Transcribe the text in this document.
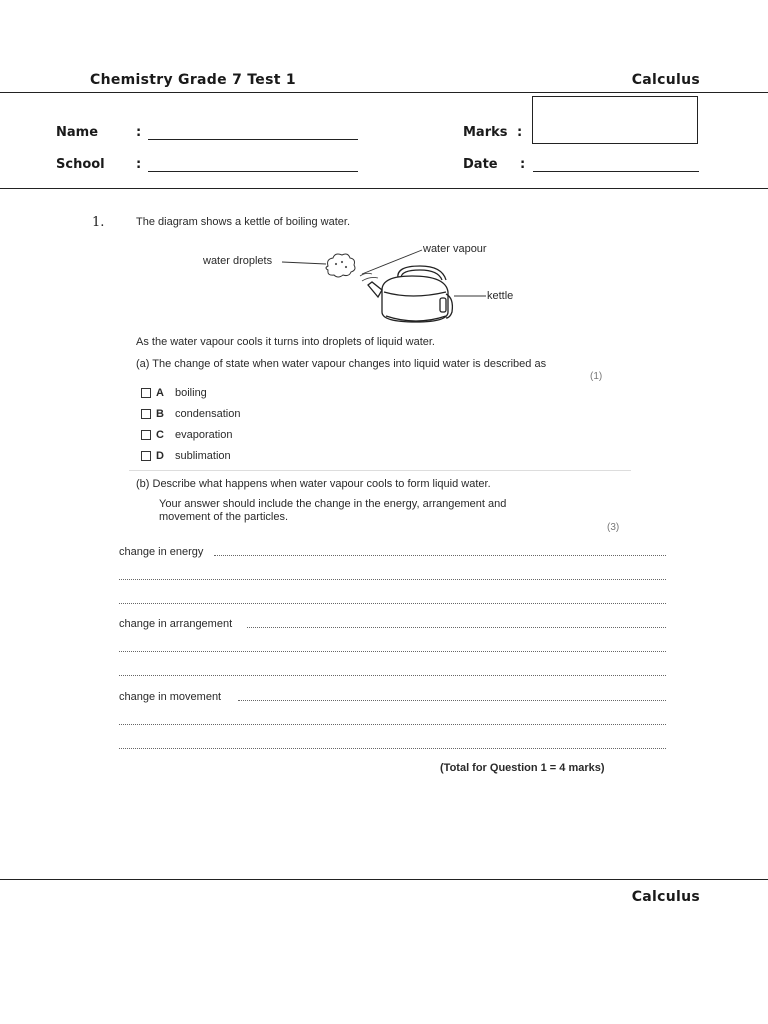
Chemistry Grade 7 Test 1	Calculus
Name	:
School :
Marks :
Date :
1.	The diagram shows a kettle of boiling water.
water droplets
water vapour
kettle
As the water vapour cools it turns into droplets of liquid water.
(a) The change of state when water vapour changes into liquid water is described as
(1)
A	boiling
B	condensation
C	evaporation
D	sublimation
(b) Describe what happens when water vapour cools to form liquid water.
Your answer should include the change in the energy, arrangement and
movement of the particles.
(3)
change in energy
change in arrangement
change in movement
(Total for Question 1 = 4 marks)
Calculus
